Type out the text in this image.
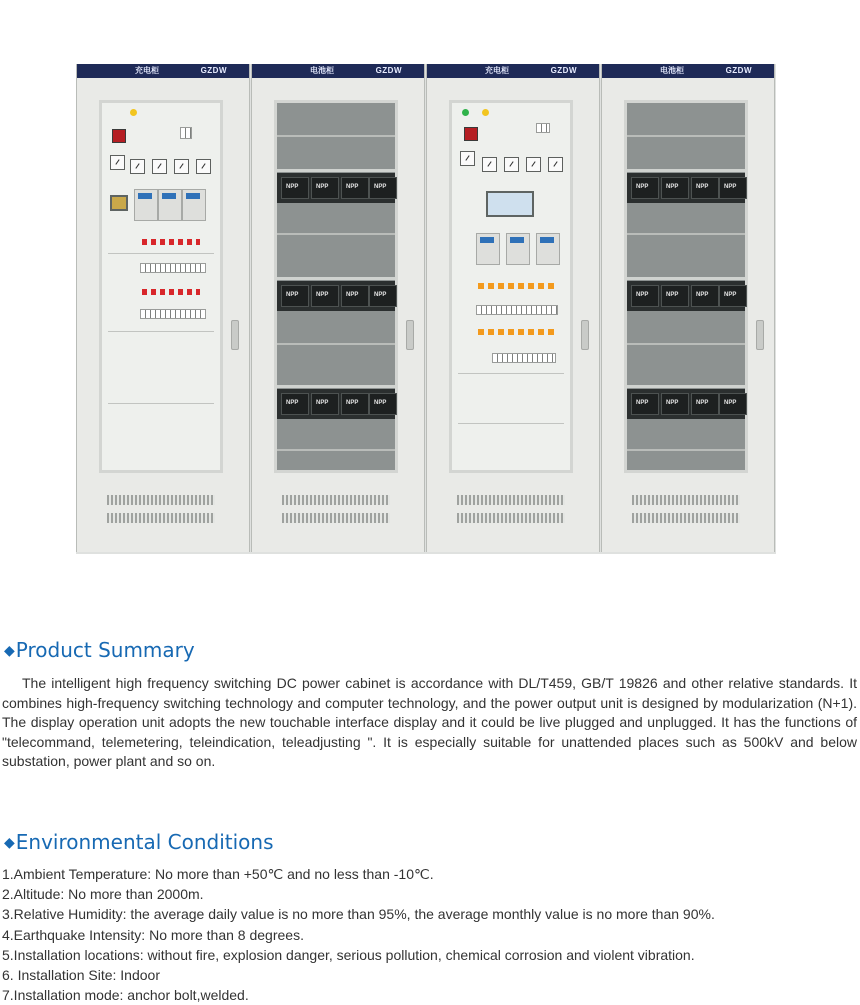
充电柜	GZDW	电池柜	GZDW
NPP	NPP	NPP	NPP
NPP	NPP	NPP	NPP
NPP	NPP	NPP	NPP
充电柜	GZDW	电池柜	GZDW
NPP	NPP	NPP	NPP
NPP	NPP	NPP	NPP
NPP	NPP	NPP	NPP
◆Product Summary

The intelligent high frequency switching DC power cabinet is accordance with DL/T459, GB/T 19826 and other relative standards. It combines high-frequency switching technology and computer technology, and the power output unit is designed by modularization (N+1). The display operation unit adopts the new touchable interface display and it could be live plugged and unplugged. It has the functions of "telecommand, telemetering, teleindication, teleadjusting ". It is especially suitable for unattended places such as 500kV and below substation, power plant and so on.

◆Environmental Conditions
1.Ambient Temperature: No more than +50℃ and no less than -10℃.
2.Altitude: No more than 2000m.
3.Relative Humidity: the average daily value is no more than 95%, the average monthly value is no more than 90%.
4.Earthquake Intensity: No more than 8 degrees.
5.Installation locations: without fire, explosion danger, serious pollution, chemical corrosion and violent vibration.
6. Installation Site: Indoor
7.Installation mode: anchor bolt,welded.
